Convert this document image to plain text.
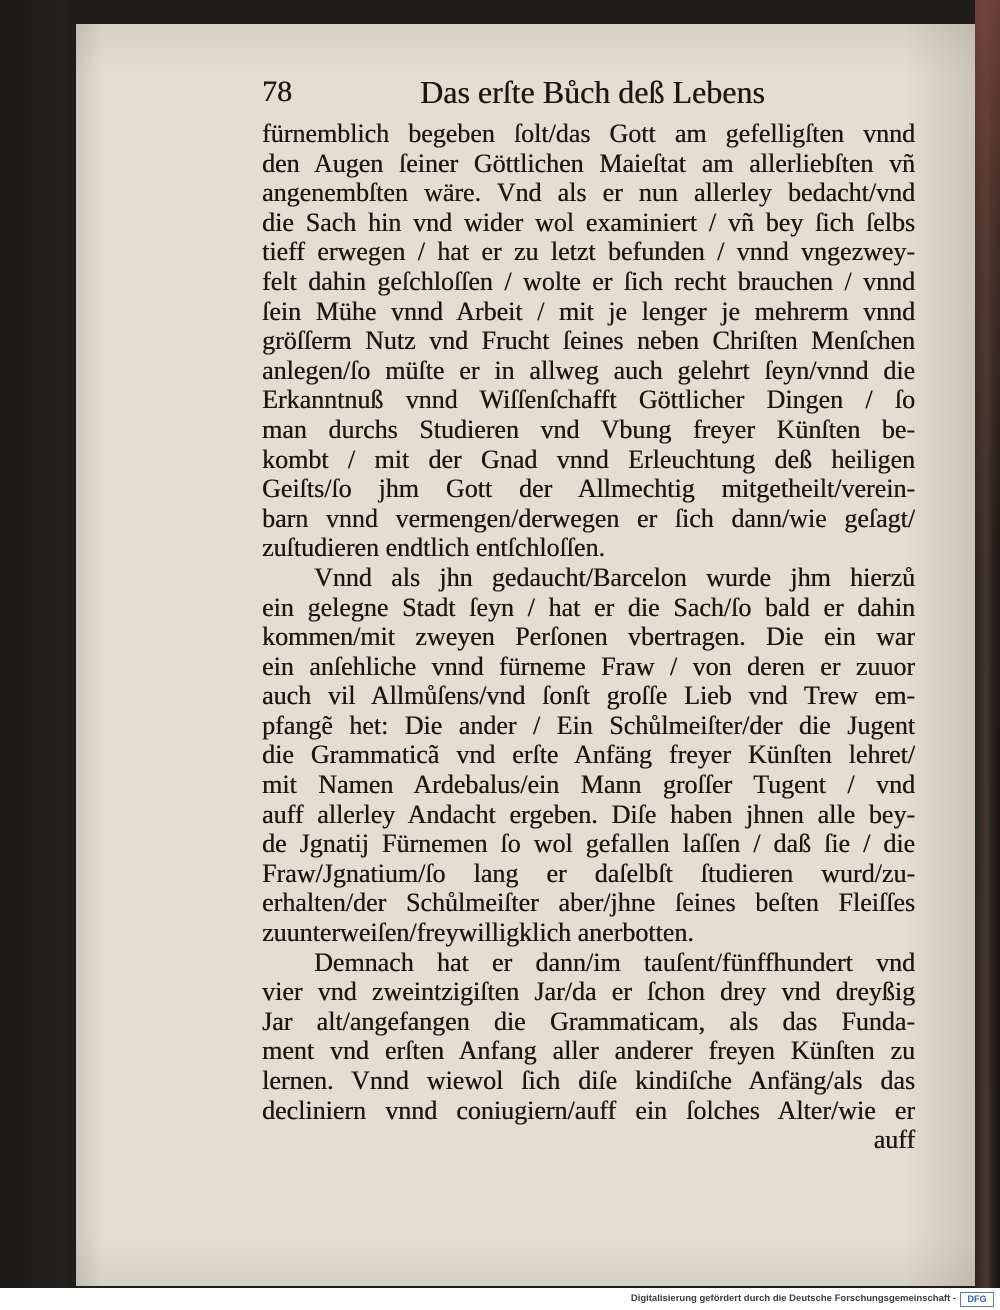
78	Das erſte Bůch deß Lebens
fürnemblich begeben ſolt/das Gott am gefelligſten vnnd
den Augen ſeiner Göttlichen Maieſtat am allerliebſten vñ
angenembſten wäre. Vnd als er nun allerley bedacht/vnd
die Sach hin vnd wider wol examiniert / vñ bey ſich ſelbs
tieff erwegen / hat er zu letzt befunden / vnnd vngezwey-
felt dahin geſchloſſen / wolte er ſich recht brauchen / vnnd
ſein Mühe vnnd Arbeit / mit je lenger je mehrerm vnnd
gröſſerm Nutz vnd Frucht ſeines neben Chriſten Menſchen
anlegen/ſo müſte er in allweg auch gelehrt ſeyn/vnnd die
Erkanntnuß vnnd Wiſſenſchafft Göttlicher Dingen / ſo
man durchs Studieren vnd Vbung freyer Künſten be-
kombt / mit der Gnad vnnd Erleuchtung deß heiligen
Geiſts/ſo jhm Gott der Allmechtig mitgetheilt/verein-
barn vnnd vermengen/derwegen er ſich dann/wie geſagt/
zuſtudieren endtlich entſchloſſen.
Vnnd als jhn gedaucht/Barcelon wurde jhm hierzů
ein gelegne Stadt ſeyn / hat er die Sach/ſo bald er dahin
kommen/mit zweyen Perſonen vbertragen. Die ein war
ein anſehliche vnnd fürneme Fraw / von deren er zuuor
auch vil Allmůſens/vnd ſonſt groſſe Lieb vnd Trew em-
pfangẽ het: Die ander / Ein Schůlmeiſter/der die Jugent
die Grammaticã vnd erſte Anfäng freyer Künſten lehret/
mit Namen Ardebalus/ein Mann groſſer Tugent / vnd
auff allerley Andacht ergeben. Diſe haben jhnen alle bey-
de Jgnatij Fürnemen ſo wol gefallen laſſen / daß ſie / die
Fraw/Jgnatium/ſo lang er daſelbſt ſtudieren wurd/zu-
erhalten/der Schůlmeiſter aber/jhne ſeines beſten Fleiſſes
zuunterweiſen/freywilligklich anerbotten.
Demnach hat er dann/im tauſent/fünffhundert vnd
vier vnd zweintzigiſten Jar/da er ſchon drey vnd dreyßig
Jar alt/angefangen die Grammaticam, als das Funda-
ment vnd erſten Anfang aller anderer freyen Künſten zu
lernen. Vnnd wiewol ſich diſe kindiſche Anfäng/als das
decliniern vnnd coniugiern/auff ein ſolches Alter/wie er
auff
Digitalisierung gefördert durch die Deutsche Forschungsgemeinschaft -	DFG
